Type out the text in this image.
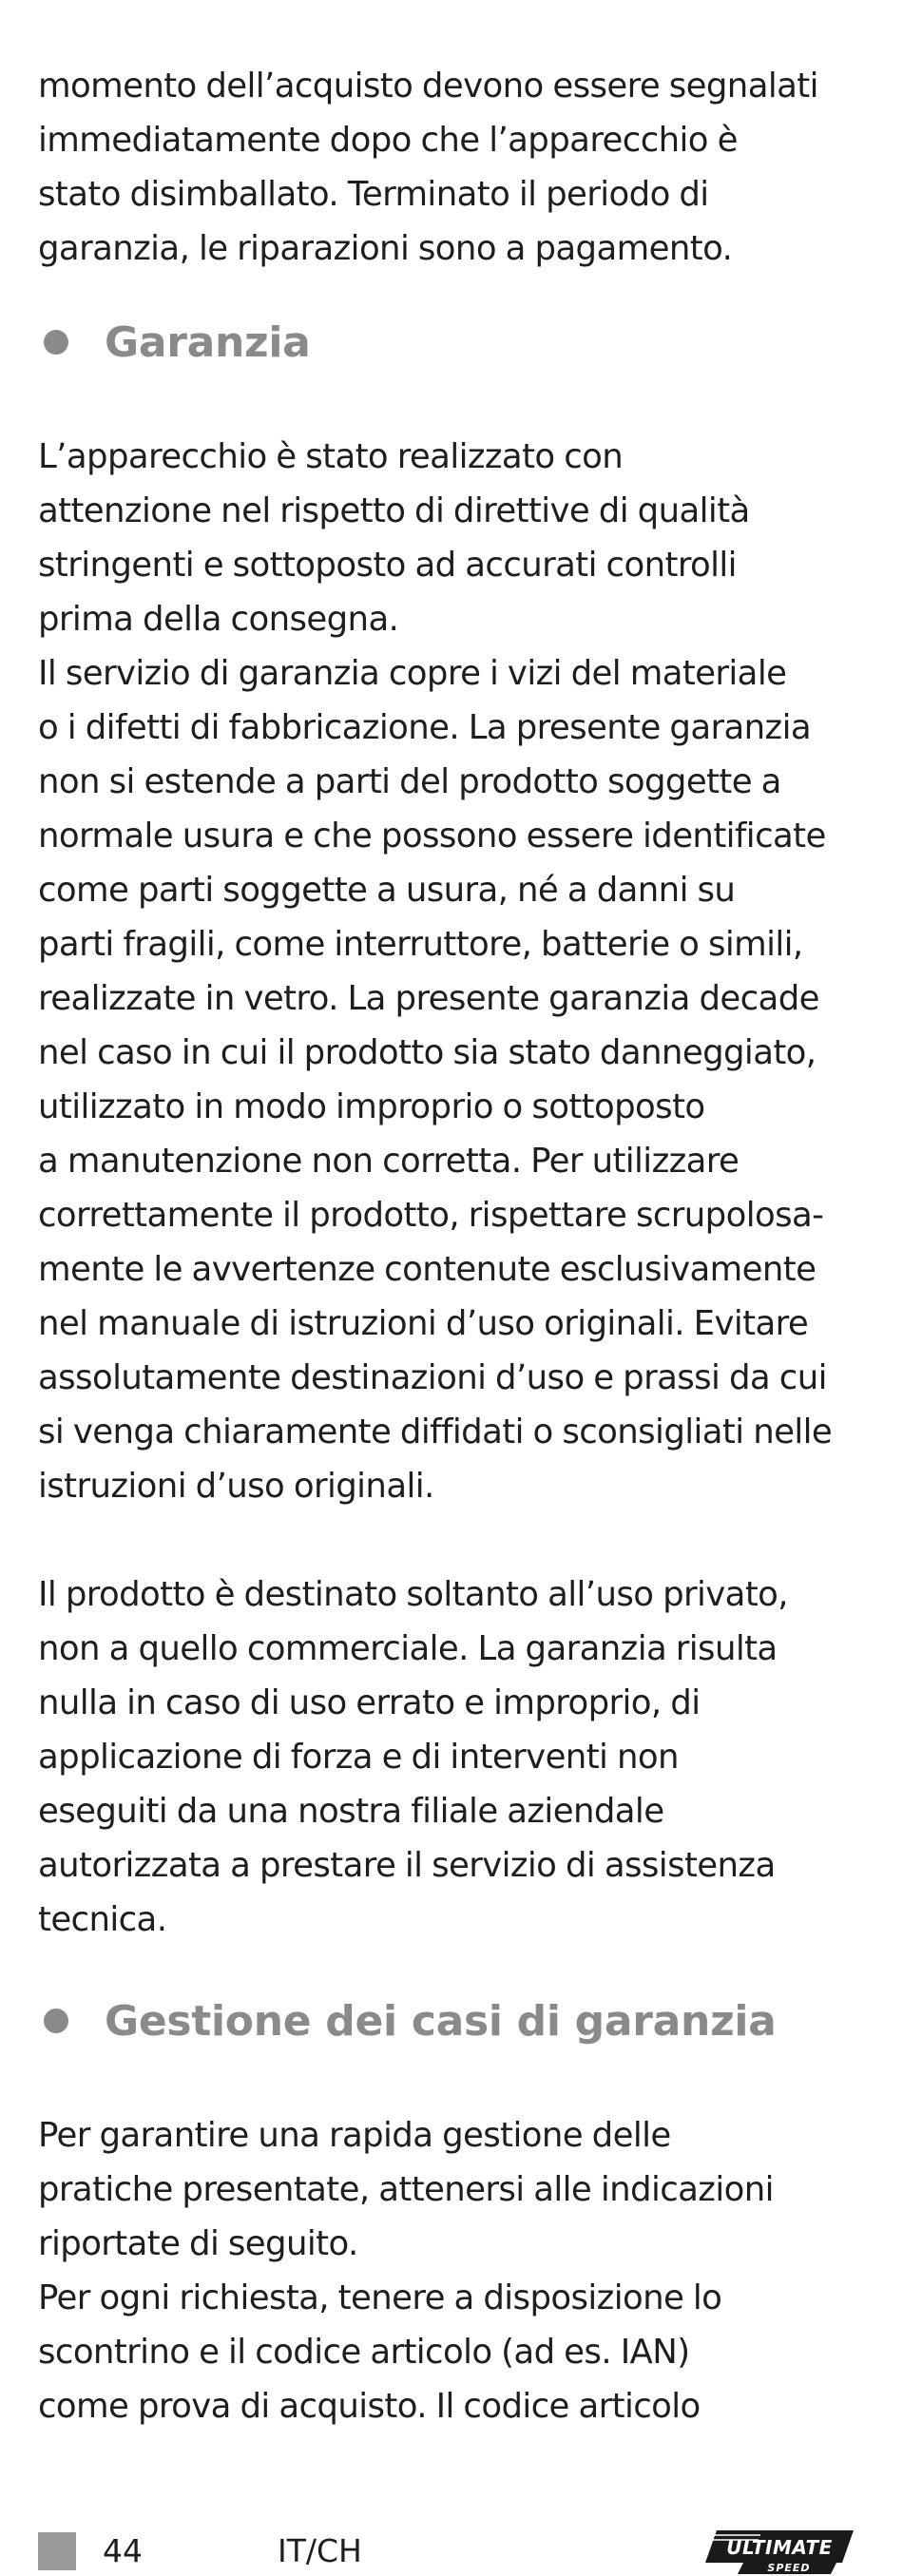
momento dell’acquisto devono essere segnalati
immediatamente dopo che l’apparecchio è
stato disimballato. Terminato il periodo di
garanzia, le riparazioni sono a pagamento.

Garanzia

L’apparecchio è stato realizzato con
attenzione nel rispetto di direttive di qualità
stringenti e sottoposto ad accurati controlli
prima della consegna.
Il servizio di garanzia copre i vizi del materiale
o i difetti di fabbricazione. La presente garanzia
non si estende a parti del prodotto soggette a
normale usura e che possono essere identificate
come parti soggette a usura, né a danni su
parti fragili, come interruttore, batterie o simili,
realizzate in vetro. La presente garanzia decade
nel caso in cui il prodotto sia stato danneggiato,
utilizzato in modo improprio o sottoposto
a manutenzione non corretta. Per utilizzare
correttamente il prodotto, rispettare scrupolosa-
mente le avvertenze contenute esclusivamente
nel manuale di istruzioni d’uso originali. Evitare
assolutamente destinazioni d’uso e prassi da cui
si venga chiaramente diffidati o sconsigliati nelle
istruzioni d’uso originali.

Il prodotto è destinato soltanto all’uso privato,
non a quello commerciale. La garanzia risulta
nulla in caso di uso errato e improprio, di
applicazione di forza e di interventi non
eseguiti da una nostra filiale aziendale
autorizzata a prestare il servizio di assistenza
tecnica.

Gestione dei casi di garanzia

Per garantire una rapida gestione delle
pratiche presentate, attenersi alle indicazioni
riportate di seguito.
Per ogni richiesta, tenere a disposizione lo
scontrino e il codice articolo (ad es. IAN)
come prova di acquisto. Il codice articolo

44	IT/CH	ULTIMATE
SPEED
